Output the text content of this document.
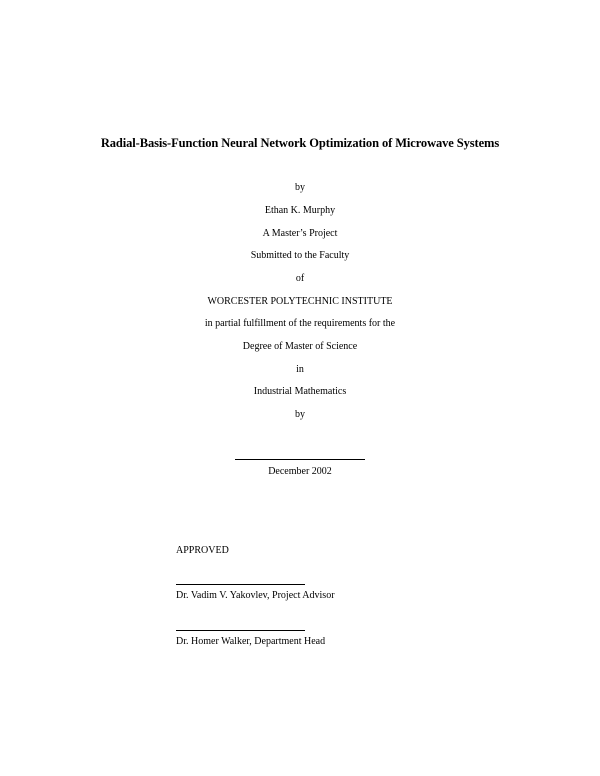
Radial-Basis-Function Neural Network Optimization of Microwave Systems
by
Ethan K. Murphy
A Master’s Project
Submitted to the Faculty
of
WORCESTER POLYTECHNIC INSTITUTE
in partial fulfillment of the requirements for the
Degree of Master of Science
in
Industrial Mathematics
by
December 2002
APPROVED
Dr. Vadim V. Yakovlev, Project Advisor
Dr. Homer Walker, Department Head
